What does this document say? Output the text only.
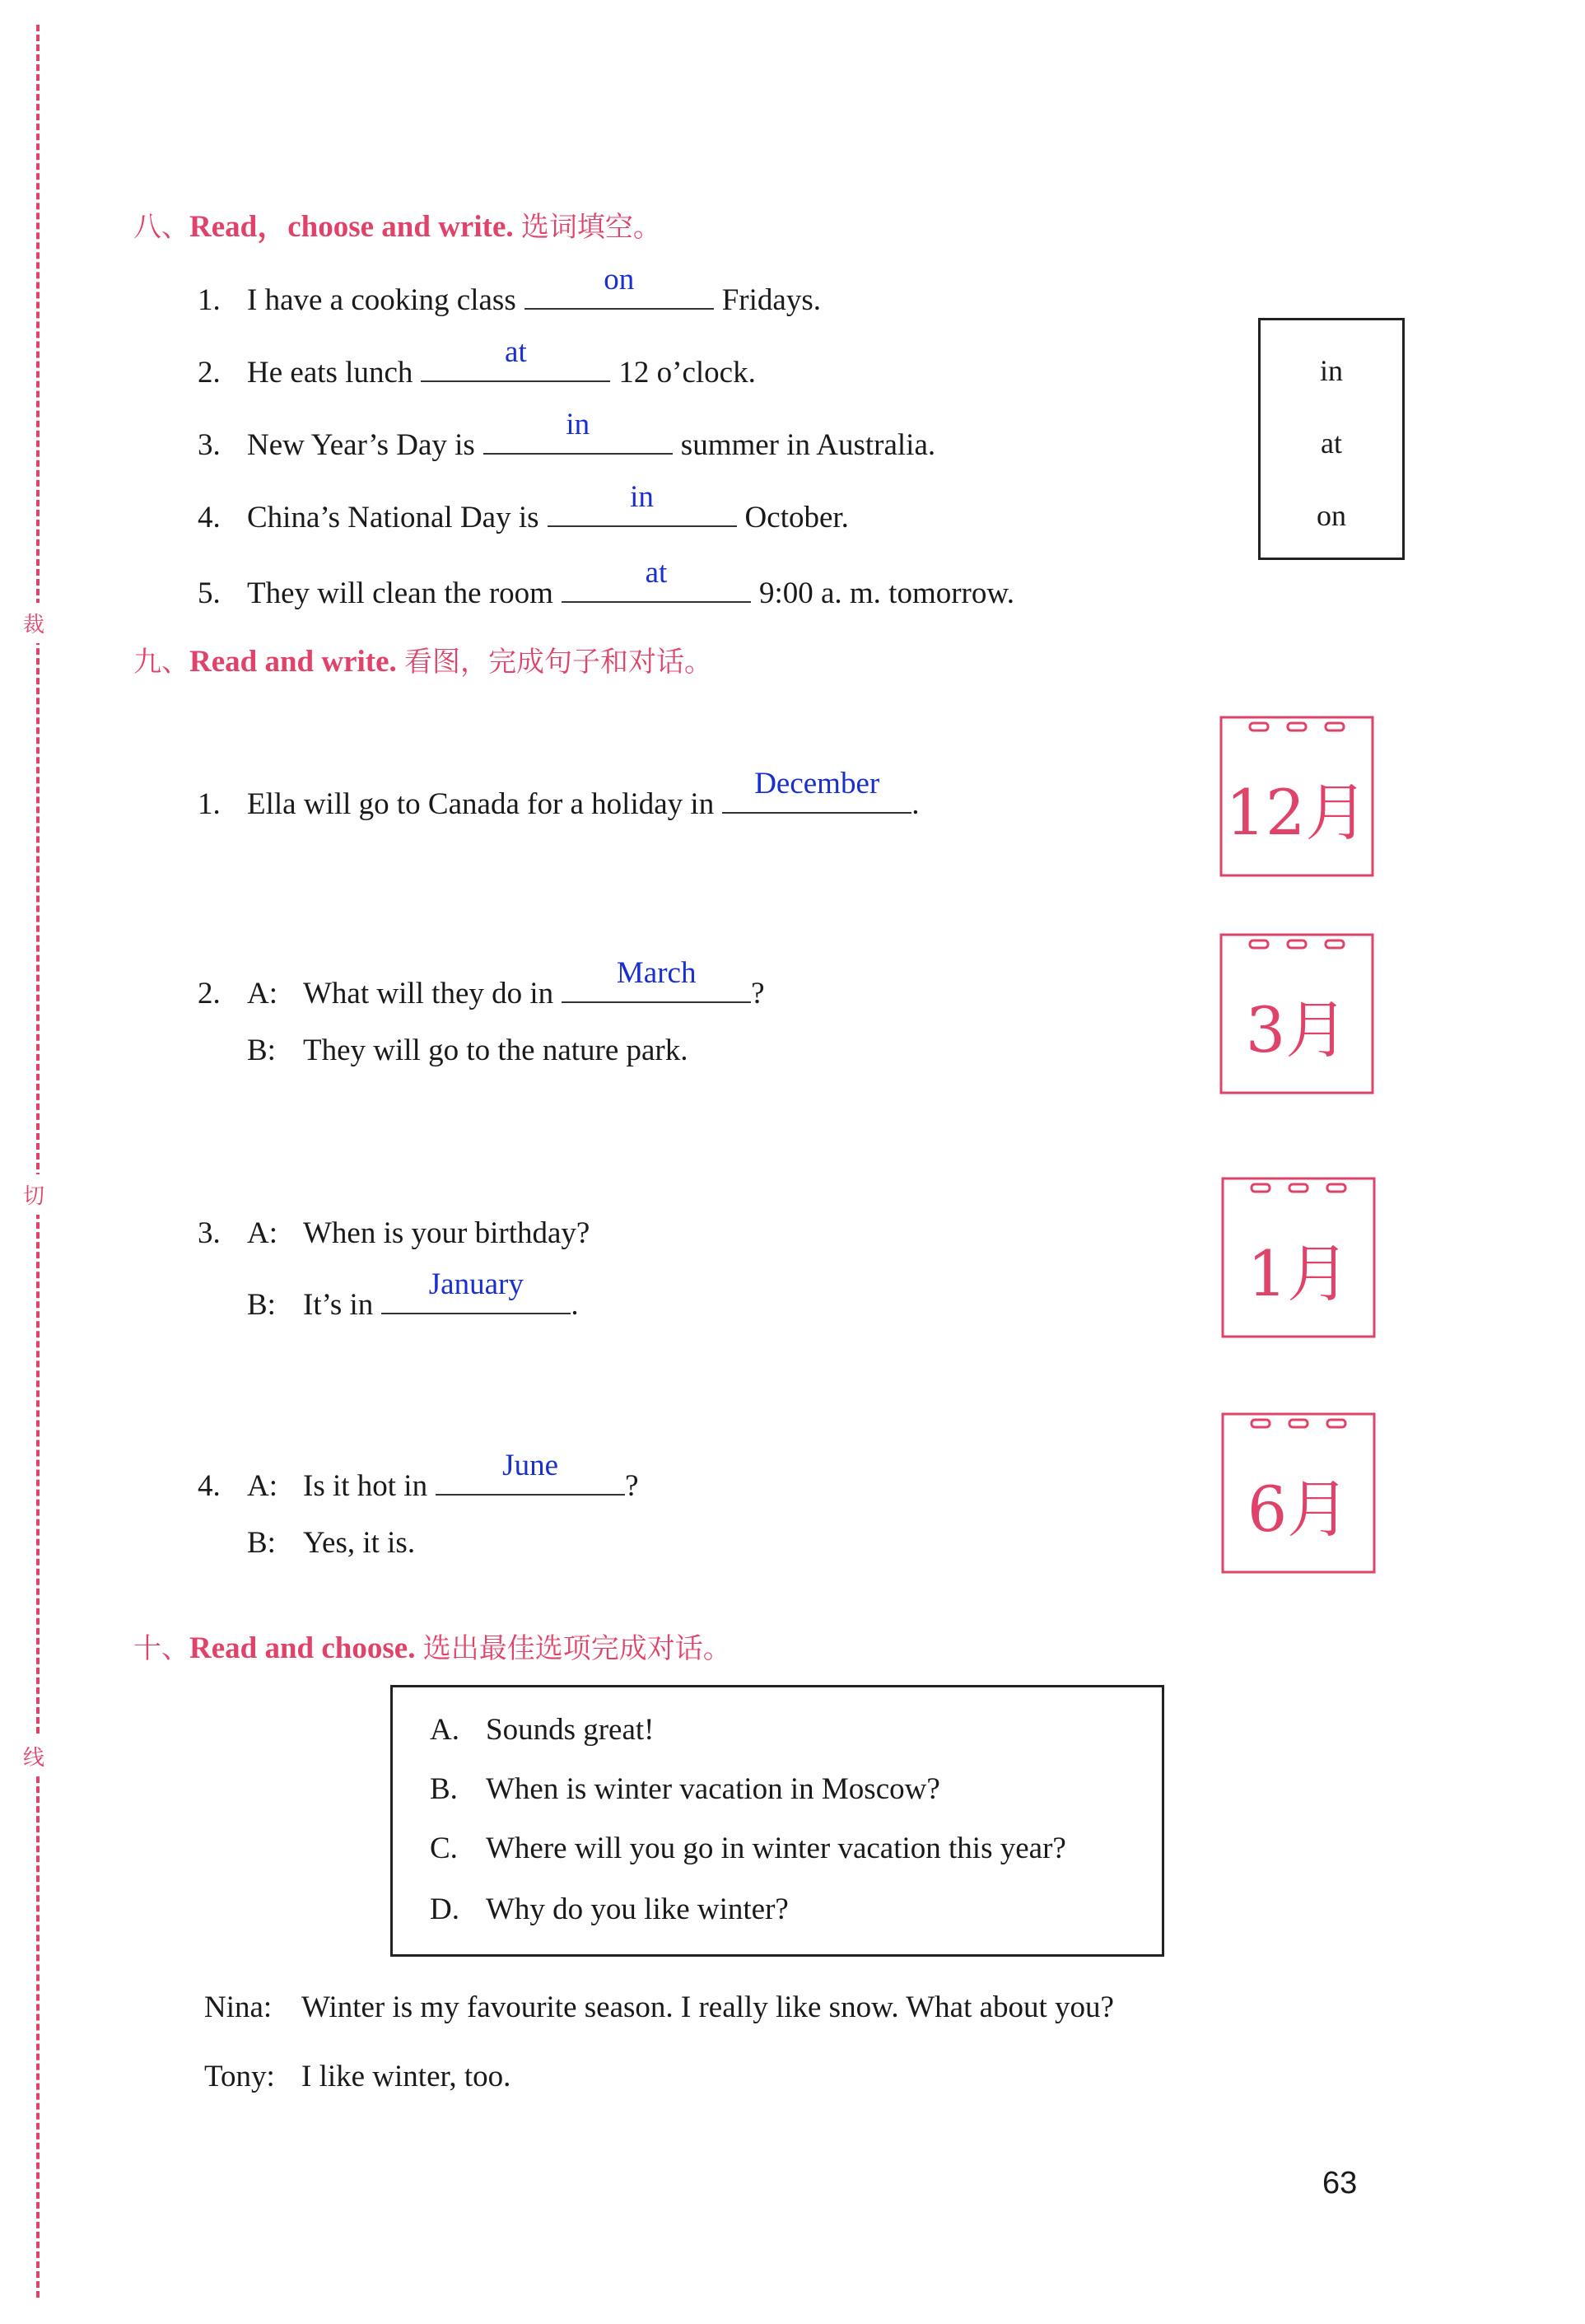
裁
切
线
八、Read，choose and write. 选词填空。
1. I have a cooking class
on
Fridays.
2. He eats lunch
at
12 o’clock.
3. New Year’s Day is
in
summer in Australia.
4. China’s National Day is
in
October.
5. They will clean the room
at
9:00 a. m. tomorrow.
in
at
on
九、Read and write. 看图，完成句子和对话。
1. Ella will go to Canada for a holiday in
December
.
2. A: What will they do in
March
?
B: They will go to the nature park.
3. A: When is your birthday?
B: It’s in
January
.
4. A: Is it hot in
June
?
B: Yes, it is.
12月
3月
1月
6月
十、Read and choose. 选出最佳选项完成对话。
A. Sounds great!
B. When is winter vacation in Moscow?
C. Where will you go in winter vacation this year?
D. Why do you like winter?
Nina: Winter is my favourite season. I really like snow. What about you?
Tony: I like winter, too.
63
